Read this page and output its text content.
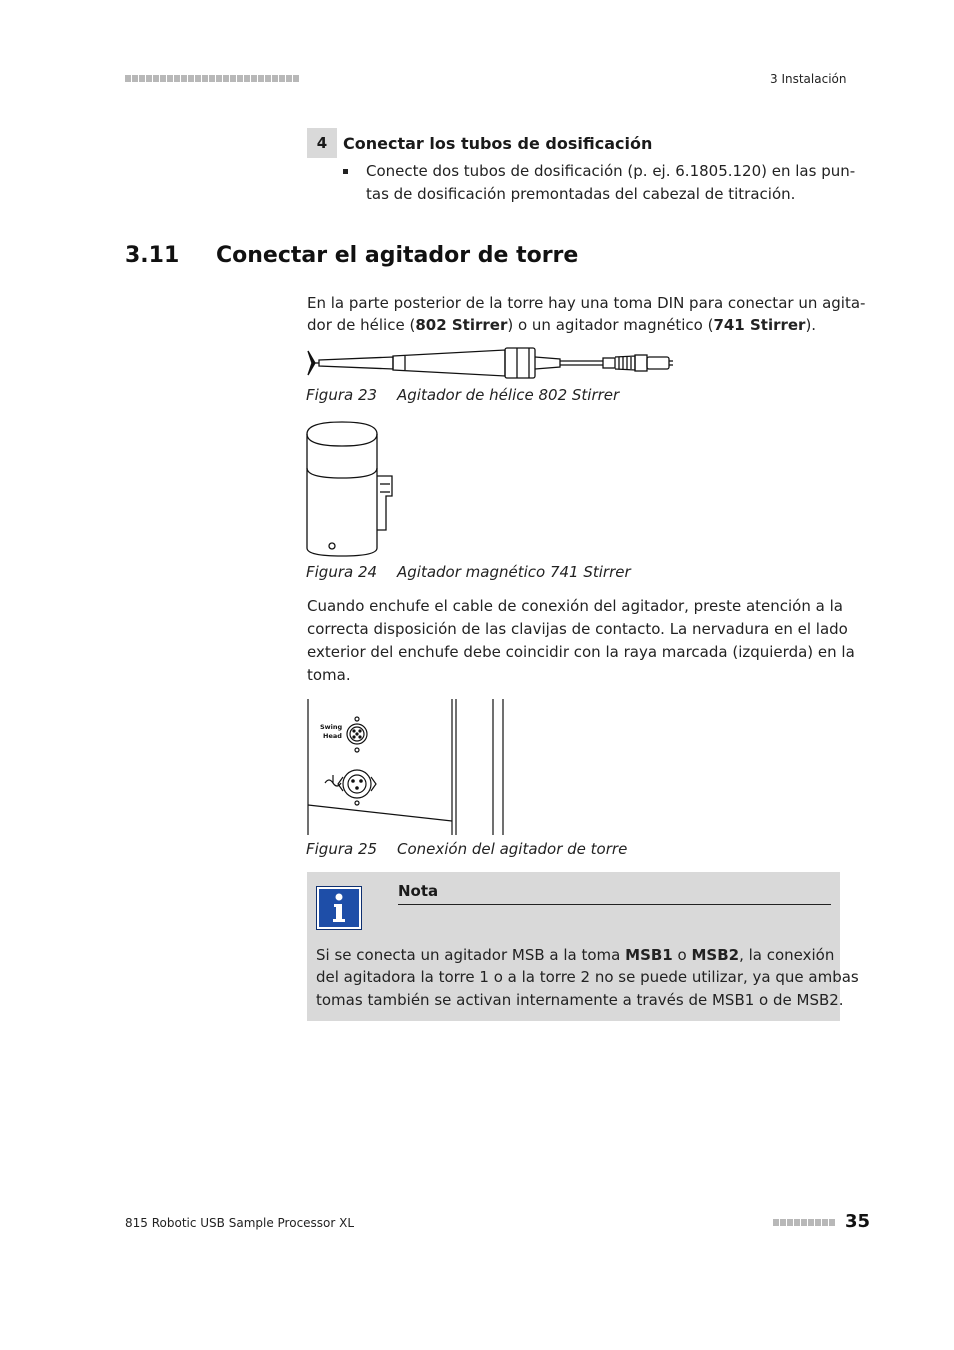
3 Instalación
4 Conectar los tubos de dosificación
Conecte dos tubos de dosificación (p. ej. 6.1805.120) en las pun-
tas de dosificación premontadas del cabezal de titración.
3.11 Conectar el agitador de torre
En la parte posterior de la torre hay una toma DIN para conectar un agita-
dor de hélice (802 Stirrer) o un agitador magnético (741 Stirrer).
Figura 23 Agitador de hélice 802 Stirrer
Figura 24 Agitador magnético 741 Stirrer
Cuando enchufe el cable de conexión del agitador, preste atención a la
correcta disposición de las clavijas de contacto. La nervadura en el lado
exterior del enchufe debe coincidir con la raya marcada (izquierda) en la
toma.
Swing
Head
Figura 25 Conexión del agitador de torre
Nota
Si se conecta un agitador MSB a la toma MSB1 o MSB2, la conexión
del agitadora la torre 1 o a la torre 2 no se puede utilizar, ya que ambas
tomas también se activan internamente a través de MSB1 o de MSB2.
815 Robotic USB Sample Processor XL	35
